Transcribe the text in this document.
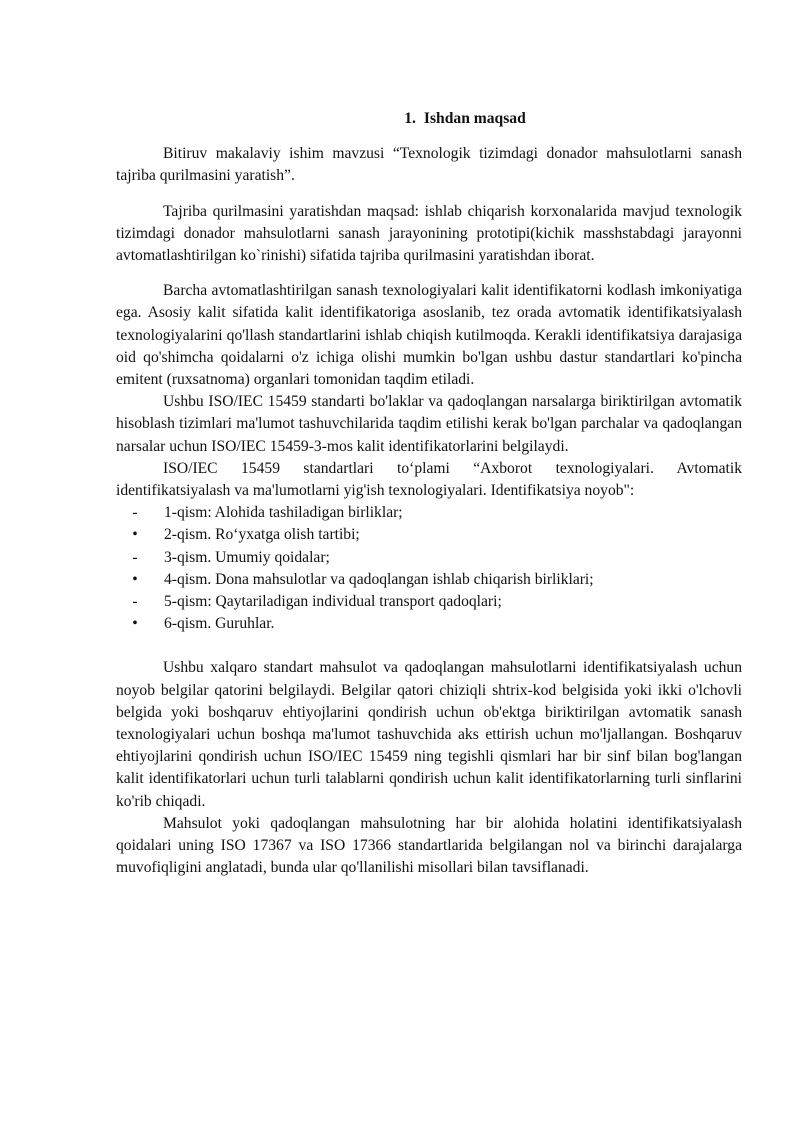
1. Ishdan maqsad

Bitiruv makalaviy ishim mavzusi “Texnologik tizimdagi donador mahsulotlarni sanash tajriba qurilmasini yaratish”.

Tajriba qurilmasini yaratishdan maqsad: ishlab chiqarish korxonalarida mavjud texnologik tizimdagi donador mahsulotlarni sanash jarayonining prototipi(kichik masshstabdagi jarayonni avtomatlashtirilgan ko`rinishi) sifatida tajriba qurilmasini yaratishdan iborat.

Barcha avtomatlashtirilgan sanash texnologiyalari kalit identifikatorni kodlash imkoniyatiga ega. Asosiy kalit sifatida kalit identifikatoriga asoslanib, tez orada avtomatik identifikatsiyalash texnologiyalarini qo'llash standartlarini ishlab chiqish kutilmoqda. Kerakli identifikatsiya darajasiga oid qo'shimcha qoidalarni o'z ichiga olishi mumkin bo'lgan ushbu dastur standartlari ko'pincha emitent (ruxsatnoma) organlari tomonidan taqdim etiladi.

Ushbu ISO/IEC 15459 standarti bo'laklar va qadoqlangan narsalarga biriktirilgan avtomatik hisoblash tizimlari ma'lumot tashuvchilarida taqdim etilishi kerak bo'lgan parchalar va qadoqlangan narsalar uchun ISO/IEC 15459-3-mos kalit identifikatorlarini belgilaydi.

ISO/IEC 15459 standartlari to‘plami “Axborot texnologiyalari. Avtomatik identifikatsiyalash va ma'lumotlarni yig'ish texnologiyalari. Identifikatsiya noyob":

-	1-qism: Alohida tashiladigan birliklar;
•	2-qism. Ro‘yxatga olish tartibi;
-	3-qism. Umumiy qoidalar;
•	4-qism. Dona mahsulotlar va qadoqlangan ishlab chiqarish birliklari;
-	5-qism: Qaytariladigan individual transport qadoqlari;
•	6-qism. Guruhlar.

Ushbu xalqaro standart mahsulot va qadoqlangan mahsulotlarni identifikatsiyalash uchun noyob belgilar qatorini belgilaydi. Belgilar qatori chiziqli shtrix-kod belgisida yoki ikki o'lchovli belgida yoki boshqaruv ehtiyojlarini qondirish uchun ob'ektga biriktirilgan avtomatik sanash texnologiyalari uchun boshqa ma'lumot tashuvchida aks ettirish uchun mo'ljallangan. Boshqaruv ehtiyojlarini qondirish uchun ISO/IEC 15459 ning tegishli qismlari har bir sinf bilan bog'langan kalit identifikatorlari uchun turli talablarni qondirish uchun kalit identifikatorlarning turli sinflarini ko'rib chiqadi.

Mahsulot yoki qadoqlangan mahsulotning har bir alohida holatini identifikatsiyalash qoidalari uning ISO 17367 va ISO 17366 standartlarida belgilangan nol va birinchi darajalarga muvofiqligini anglatadi, bunda ular qo'llanilishi misollari bilan tavsiflanadi.
